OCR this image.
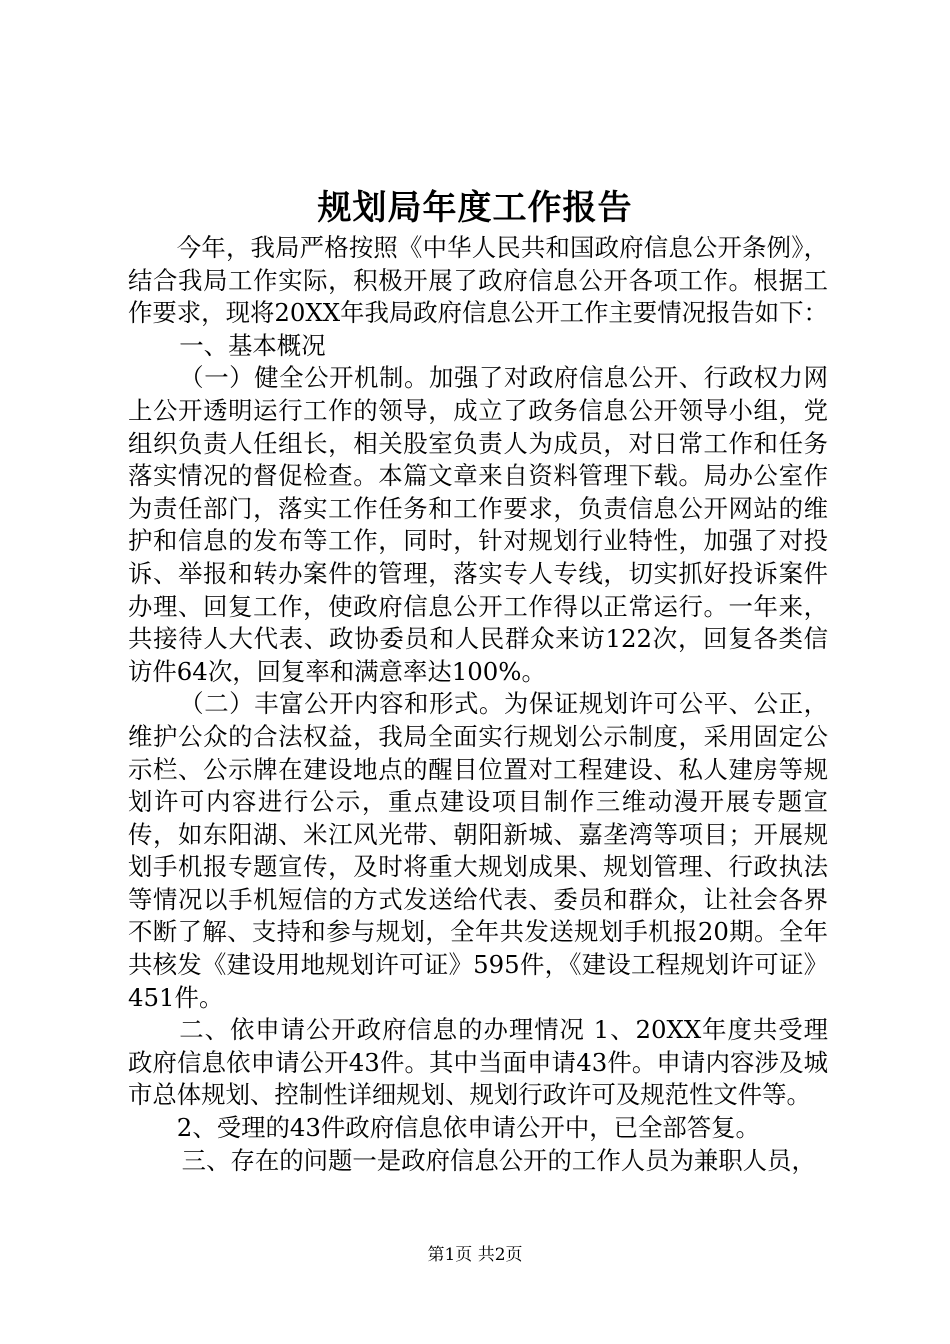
规划局年度工作报告

今年，我局严格按照《中华人民共和国政府信息公开条例》，结合我局工作实际，积极开展了政府信息公开各项工作。根据工作要求，现将20XX年我局政府信息公开工作主要情况报告如下：

一、基本概况

（一）健全公开机制。加强了对政府信息公开、行政权力网上公开透明运行工作的领导，成立了政务信息公开领导小组，党组织负责人任组长，相关股室负责人为成员，对日常工作和任务落实情况的督促检查。本篇文章来自资料管理下载。局办公室作为责任部门，落实工作任务和工作要求，负责信息公开网站的维护和信息的发布等工作，同时，针对规划行业特性，加强了对投诉、举报和转办案件的管理，落实专人专线，切实抓好投诉案件办理、回复工作，使政府信息公开工作得以正常运行。一年来，共接待人大代表、政协委员和人民群众来访122次，回复各类信访件64次，回复率和满意率达100%。

（二）丰富公开内容和形式。为保证规划许可公平、公正，维护公众的合法权益，我局全面实行规划公示制度，采用固定公示栏、公示牌在建设地点的醒目位置对工程建设、私人建房等规划许可内容进行公示，重点建设项目制作三维动漫开展专题宣传，如东阳湖、米江风光带、朝阳新城、嘉垄湾等项目；开展规划手机报专题宣传，及时将重大规划成果、规划管理、行政执法等情况以手机短信的方式发送给代表、委员和群众，让社会各界不断了解、支持和参与规划，全年共发送规划手机报20期。全年共核发《建设用地规划许可证》595件，《建设工程规划许可证》451件。

二、依申请公开政府信息的办理情况 1、20XX年度共受理政府信息依申请公开43件。其中当面申请43件。申请内容涉及城市总体规划、控制性详细规划、规划行政许可及规范性文件等。

2、受理的43件政府信息依申请公开中，已全部答复。

三、存在的问题一是政府信息公开的工作人员为兼职人员，

第1页 共2页
